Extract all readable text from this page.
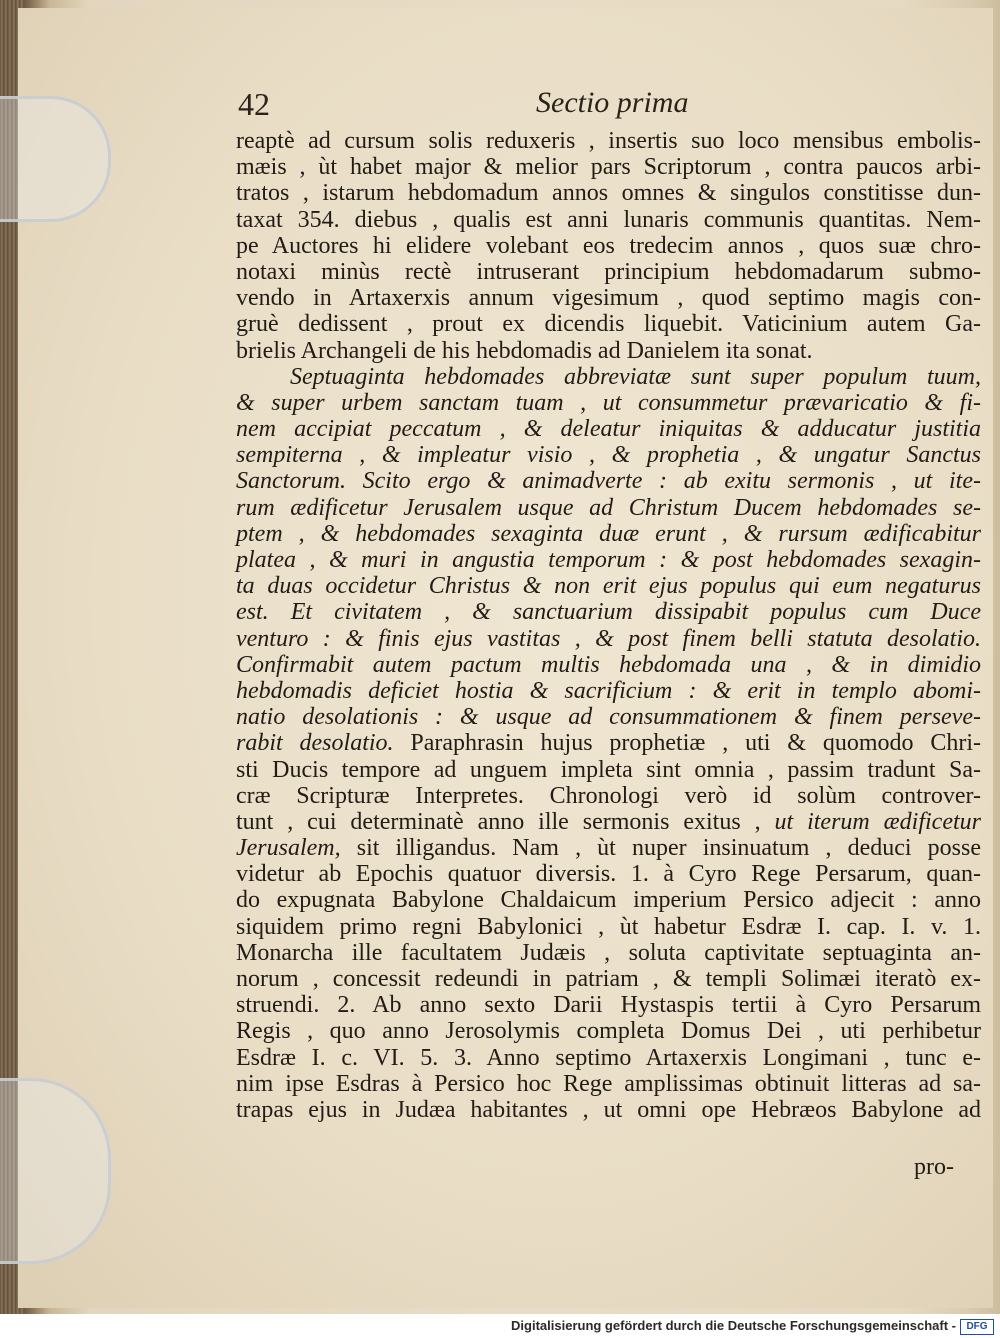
42	Sectio prima
reaptè ad cursum solis reduxeris , insertis suo loco mensibus embolis-
mæis , ùt habet major & melior pars Scriptorum , contra paucos arbi-
tratos , istarum hebdomadum annos omnes & singulos constitisse dun-
taxat 354. diebus , qualis est anni lunaris communis quantitas. Nem-
pe Auctores hi elidere volebant eos tredecim annos , quos suæ chro-
notaxi minùs rectè intruserant principium hebdomadarum submo-
vendo in Artaxerxis annum vigesimum , quod septimo magis con-
gruè dedissent , prout ex dicendis liquebit. Vaticinium autem Ga-
brielis Archangeli de his hebdomadis ad Danielem ita sonat.
Septuaginta hebdomades abbreviatæ sunt super populum tuum,
& super urbem sanctam tuam , ut consummetur prævaricatio & fi-
nem accipiat peccatum , & deleatur iniquitas & adducatur justitia
sempiterna , & impleatur visio , & prophetia , & ungatur Sanctus
Sanctorum. Scito ergo & animadverte : ab exitu sermonis , ut ite-
rum ædificetur Jerusalem usque ad Christum Ducem hebdomades se-
ptem , & hebdomades sexaginta duæ erunt , & rursum ædificabitur
platea , & muri in angustia temporum : & post hebdomades sexagin-
ta duas occidetur Christus & non erit ejus populus qui eum negaturus
est. Et civitatem , & sanctuarium dissipabit populus cum Duce
venturo : & finis ejus vastitas , & post finem belli statuta desolatio.
Confirmabit autem pactum multis hebdomada una , & in dimidio
hebdomadis deficiet hostia & sacrificium : & erit in templo abomi-
natio desolationis : & usque ad consummationem & finem perseve-
rabit desolatio. Paraphrasin hujus prophetiæ , uti & quomodo Chri-
sti Ducis tempore ad unguem impleta sint omnia , passim tradunt Sa-
cræ Scripturæ Interpretes. Chronologi verò id solùm controver-
tunt , cui determinatè anno ille sermonis exitus , ut iterum ædificetur
Jerusalem, sit illigandus. Nam , ùt nuper insinuatum , deduci posse
videtur ab Epochis quatuor diversis. 1. à Cyro Rege Persarum, quan-
do expugnata Babylone Chaldaicum imperium Persico adjecit : anno
siquidem primo regni Babylonici , ùt habetur Esdræ I. cap. I. v. 1.
Monarcha ille facultatem Judæis , soluta captivitate septuaginta an-
norum , concessit redeundi in patriam , & templi Solimæi iteratò ex-
struendi. 2. Ab anno sexto Darii Hystaspis tertii à Cyro Persarum
Regis , quo anno Jerosolymis completa Domus Dei , uti perhibetur
Esdræ I. c. VI. 5. 3. Anno septimo Artaxerxis Longimani , tunc e-
nim ipse Esdras à Persico hoc Rege amplissimas obtinuit litteras ad sa-
trapas ejus in Judæa habitantes , ut omni ope Hebræos Babylone ad
pro-
Digitalisierung gefördert durch die Deutsche Forschungsgemeinschaft -	DFG
